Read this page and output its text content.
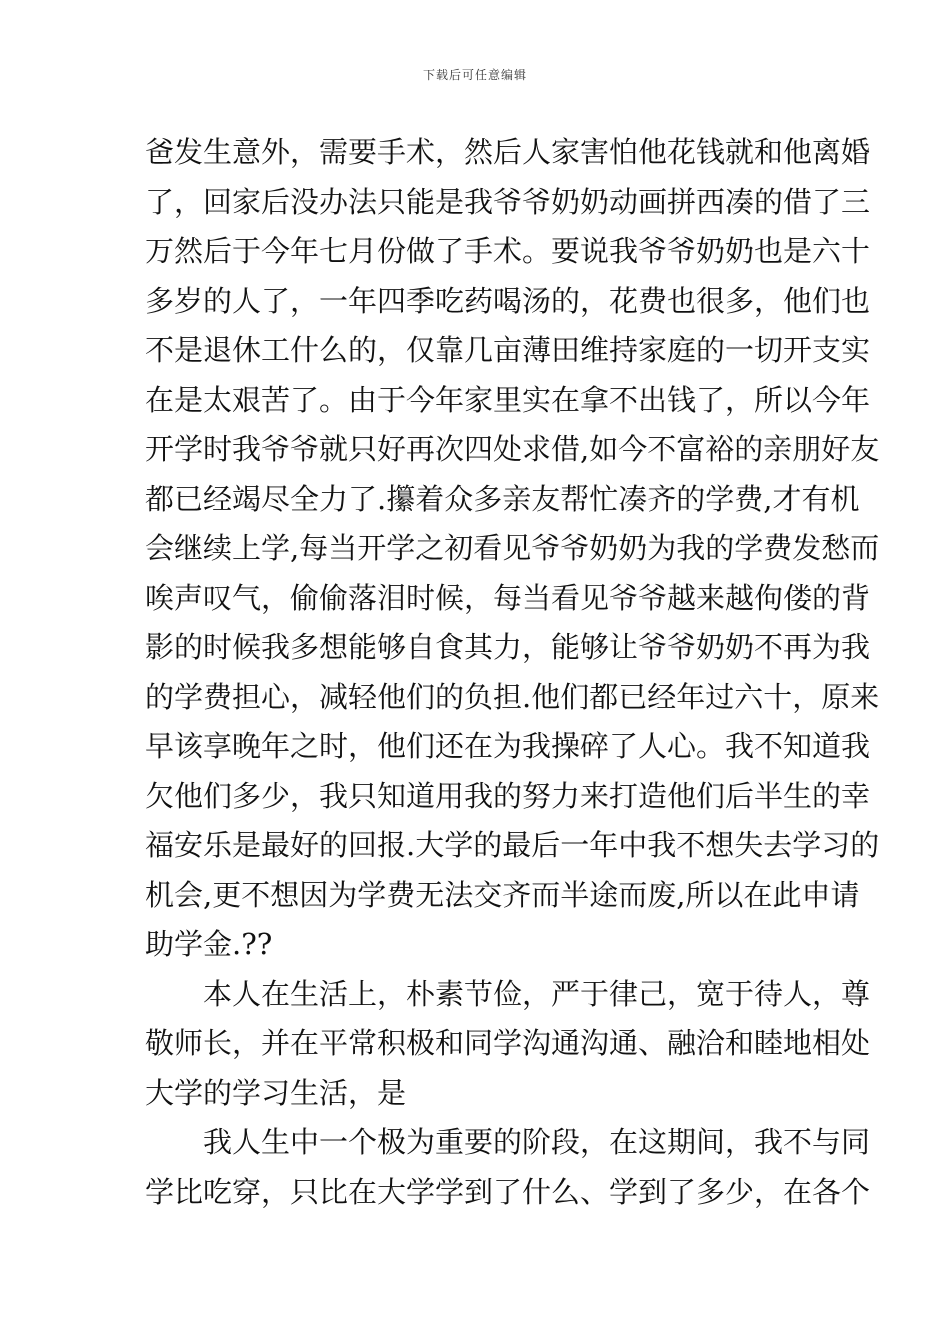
下载后可任意编辑
爸发生意外，需要手术，然后人家害怕他花钱就和他离婚
了，回家后没办法只能是我爷爷奶奶动画拼西凑的借了三
万然后于今年七月份做了手术。要说我爷爷奶奶也是六十
多岁的人了，一年四季吃药喝汤的，花费也很多，他们也
不是退休工什么的，仅靠几亩薄田维持家庭的一切开支实
在是太艰苦了。由于今年家里实在拿不出钱了，所以今年
开学时我爷爷就只好再次四处求借,如今不富裕的亲朋好友
都已经竭尽全力了.攥着众多亲友帮忙凑齐的学费,才有机
会继续上学,每当开学之初看见爷爷奶奶为我的学费发愁而
唉声叹气，偷偷落泪时候，每当看见爷爷越来越佝偻的背
影的时候我多想能够自食其力，能够让爷爷奶奶不再为我
的学费担心，减轻他们的负担.他们都已经年过六十，原来
早该享晚年之时，他们还在为我操碎了人心。我不知道我
欠他们多少，我只知道用我的努力来打造他们后半生的幸
福安乐是最好的回报.大学的最后一年中我不想失去学习的
机会,更不想因为学费无法交齐而半途而废,所以在此申请
助学金.??
本人在生活上，朴素节俭，严于律己，宽于待人，尊
敬师长，并在平常积极和同学沟通沟通、融洽和睦地相处
大学的学习生活，是
我人生中一个极为重要的阶段，在这期间，我不与同
学比吃穿，只比在大学学到了什么、学到了多少，在各个
